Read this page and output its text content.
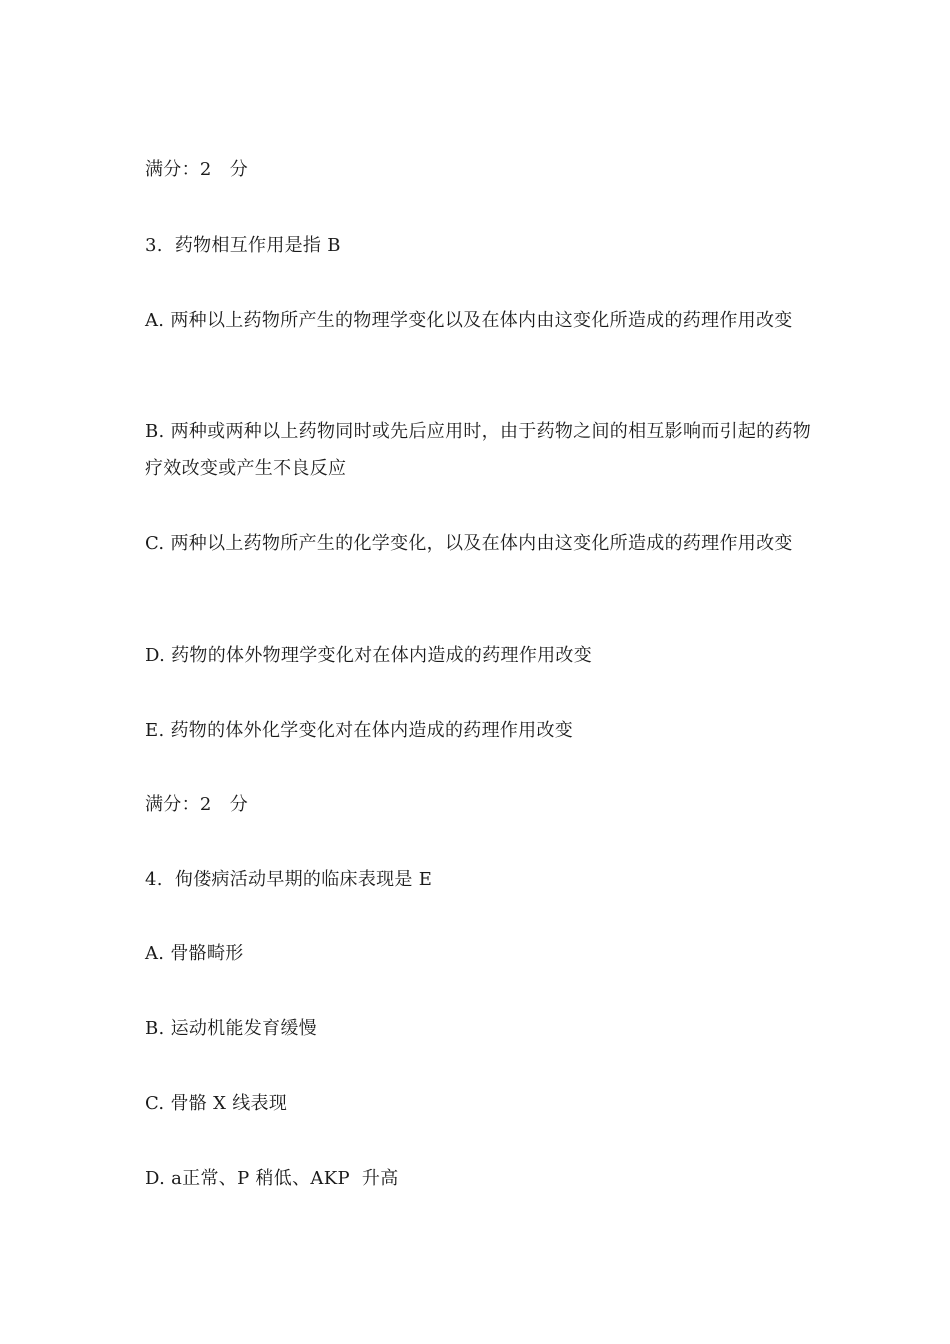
满分：2   分
3.  药物相互作用是指 B
A. 两种以上药物所产生的物理学变化以及在体内由这变化所造成的药理作用改变
B. 两种或两种以上药物同时或先后应用时，由于药物之间的相互影响而引起的药物疗效改变或产生不良反应
C. 两种以上药物所产生的化学变化，以及在体内由这变化所造成的药理作用改变
D. 药物的体外物理学变化对在体内造成的药理作用改变
E. 药物的体外化学变化对在体内造成的药理作用改变
满分：2   分
4.  佝偻病活动早期的临床表现是 E
A. 骨骼畸形
B. 运动机能发育缓慢
C. 骨骼 X 线表现
D. a正常、P 稍低、AKP  升高
